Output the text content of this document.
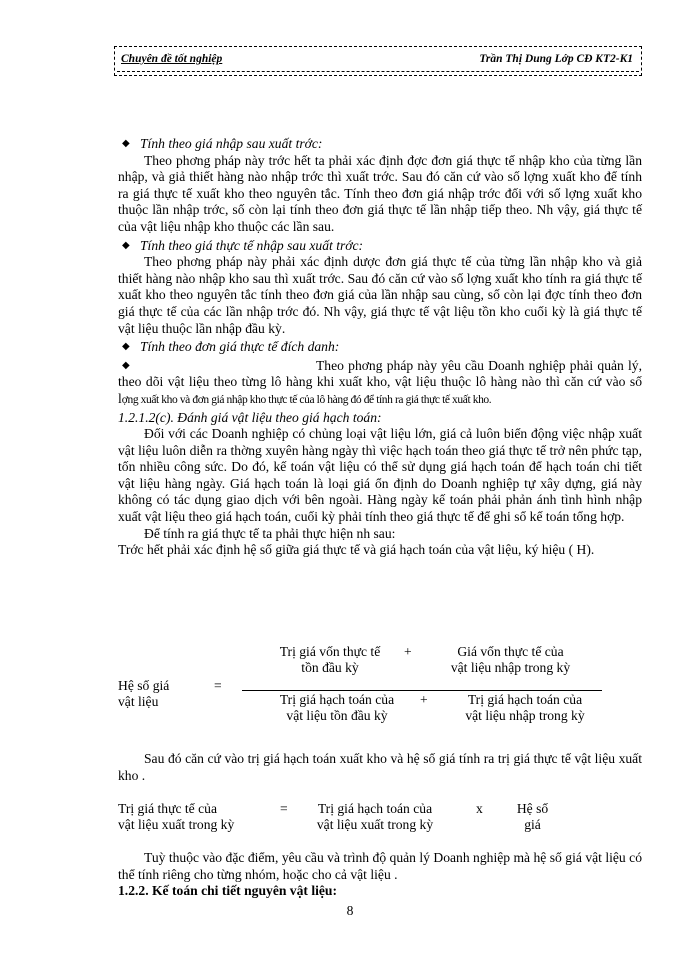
Chuyên đề tốt nghiệp	Trần Thị Dung Lớp CĐ KT2-K1
◆ Tính theo giá nhập sau xuất trớc:

Theo phơng pháp này trớc hết ta phải xác định đợc đơn giá thực tế nhập kho của từng lần nhập, và giả thiết hàng nào nhập trớc thì xuất trớc. Sau đó căn cứ vào số lợng xuất kho để tính ra giá thực tế xuất kho theo nguyên tắc. Tính theo đơn giá nhập trớc đối với số lợng xuất kho thuộc lần nhập trớc, số còn lại tính theo đơn giá thực tế lần nhập tiếp theo. Nh vậy, giá thực tế của vật liệu nhập kho thuộc các lần sau.

◆ Tính theo giá thực tế nhập sau xuất trớc:

Theo phơng pháp này phải xác định dược đơn giá thực tế của từng lần nhập kho và giả thiết hàng nào nhập kho sau thì xuất trớc. Sau đó căn cứ vào số lợng xuất kho tính ra giá thực tế xuất kho theo nguyên tắc tính theo đơn giá của lần nhập sau cùng, số còn lại đợc tính theo đơn giá thực tế của các lần nhập trớc đó. Nh vậy, giá thực tế vật liệu tồn kho cuối kỳ là giá thực tế vật liệu thuộc lần nhập đầu kỳ.

◆ Tính theo đơn giá thực tế đích danh:
◆	Theo phơng pháp này yêu cầu Doanh nghiệp phải quản lý, theo dõi vật liệu theo từng lô hàng khi xuất kho, vật liệu thuộc lô hàng nào thì căn cứ vào số lợng xuất kho và đơn giá nhập kho thực tế của lô hàng đó để tính ra giá thực tế xuất kho.

1.2.1.2(c). Đánh giá vật liệu theo giá hạch toán:

Đối với các Doanh nghiệp có chủng loại vật liệu lớn, giá cả luôn biến động việc nhập xuất vật liệu luôn diễn ra thờng xuyên hàng ngày thì việc hạch toán theo giá thực tế trở nên phức tạp, tốn nhiều công sức. Do đó, kế toán vật liệu có thể sử dụng giá hạch toán để hạch toán chi tiết vật liệu hàng ngày. Giá hạch toán là loại giá ổn định do Doanh nghiệp tự xây dựng, giá này không có tác dụng giao dịch với bên ngoài. Hàng ngày kế toán phải phản ánh tình hình nhập xuất vật liệu theo giá hạch toán, cuối kỳ phải tính theo giá thực tế để ghi sổ kế toán tổng hợp.

Để tính ra giá thực tế ta phải thực hiện nh sau:

Trớc hết phải xác định hệ số giữa giá thực tế và giá hạch toán của vật liệu, ký hiệu ( H).

Hệ số giá
vật liệu
=
Trị giá vốn thực tế
tồn đầu kỳ
+	Giá vốn thực tế của
vật liệu nhập trong kỳ
Trị giá hạch toán của
vật liệu tồn đầu kỳ
+	Trị giá hạch toán của
vật liệu nhập trong kỳ

Sau đó căn cứ vào trị giá hạch toán xuất kho và hệ số giá tính ra trị giá thực tế vật liệu xuất kho .

Trị giá thực tế của
vật liệu xuất trong kỳ
=	Trị giá hạch toán của
vật liệu xuất trong kỳ
x	Hệ số
giá

Tuỳ thuộc vào đặc điểm, yêu cầu và trình độ quản lý Doanh nghiệp mà hệ số giá vật liệu có thể tính riêng cho từng nhóm, hoặc cho cả vật liệu .

1.2.2. Kế toán chi tiết nguyên vật liệu:
8
